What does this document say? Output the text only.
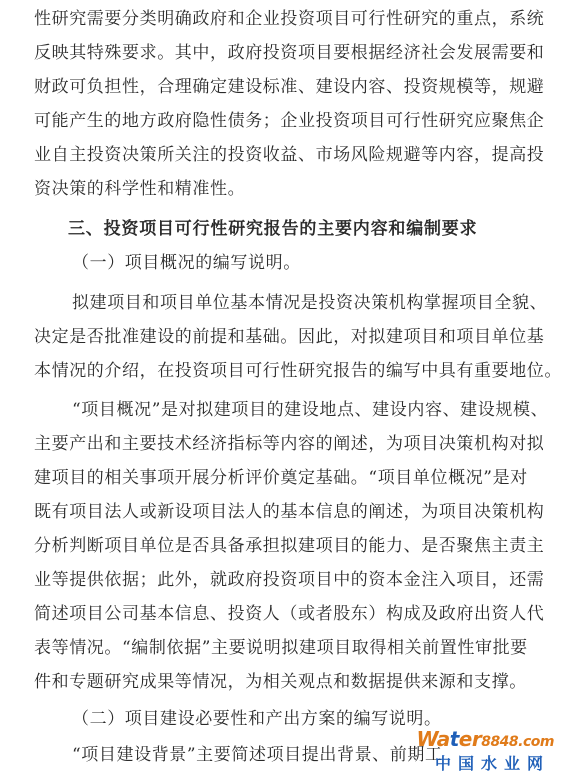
性研究需要分类明确政府和企业投资项目可行性研究的重点，系统
反映其特殊要求。其中，政府投资项目要根据经济社会发展需要和
财政可负担性，合理确定建设标准、建设内容、投资规模等，规避
可能产生的地方政府隐性债务；企业投资项目可行性研究应聚焦企
业自主投资决策所关注的投资收益、市场风险规避等内容，提高投
资决策的科学性和精准性。
三、投资项目可行性研究报告的主要内容和编制要求
（一）项目概况的编写说明。
拟建项目和项目单位基本情况是投资决策机构掌握项目全貌、
决定是否批准建设的前提和基础。因此，对拟建项目和项目单位基
本情况的介绍，在投资项目可行性研究报告的编写中具有重要地位。
“项目概况”是对拟建项目的建设地点、建设内容、建设规模、
主要产出和主要技术经济指标等内容的阐述，为项目决策机构对拟
建项目的相关事项开展分析评价奠定基础。“项目单位概况”是对
既有项目法人或新设项目法人的基本信息的阐述，为项目决策机构
分析判断项目单位是否具备承担拟建项目的能力、是否聚焦主责主
业等提供依据；此外，就政府投资项目中的资本金注入项目，还需
简述项目公司基本信息、投资人（或者股东）构成及政府出资人代
表等情况。“编制依据”主要说明拟建项目取得相关前置性审批要
件和专题研究成果等情况，为相关观点和数据提供来源和支撑。
（二）项目建设必要性和产出方案的编写说明。
“项目建设背景”主要简述项目提出背景、前期工
Water8848.com
中国水业网
